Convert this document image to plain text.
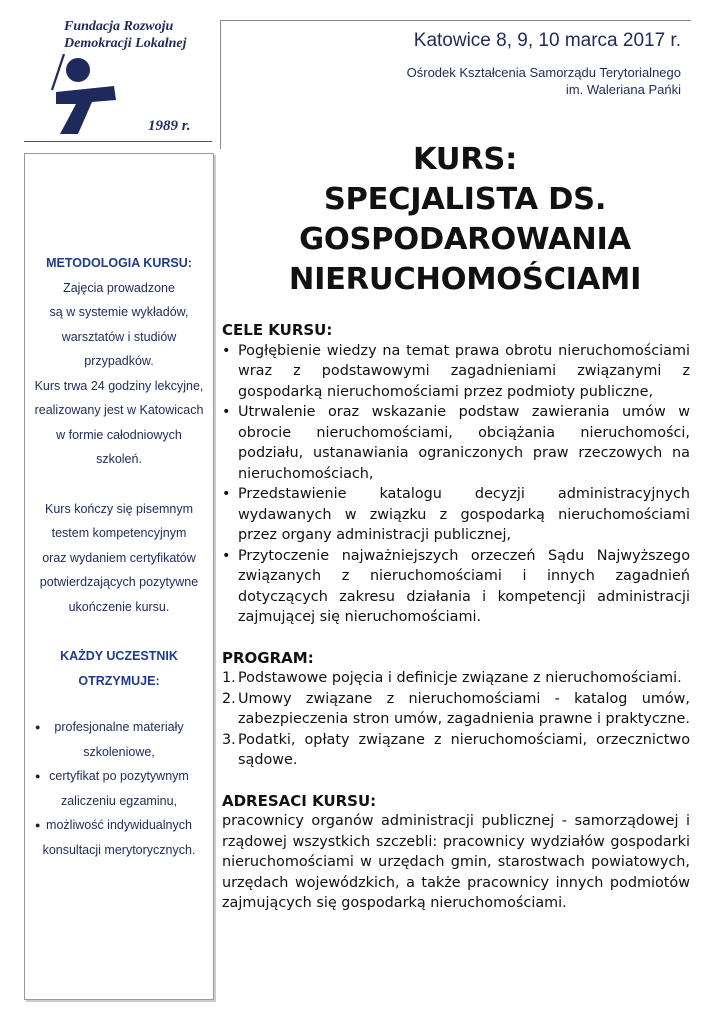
Fundacja Rozwoju
Demokracji Lokalnej
1989 r.
Katowice 8, 9, 10 marca 2017 r.
Ośrodek Kształcenia Samorządu Terytorialnego
im. Waleriana Pańki
METODOLOGIA KURSU:
Zajęcia prowadzone
są w systemie wykładów,
warsztatów i studiów
przypadków.
Kurs trwa 24 godziny lekcyjne,
realizowany jest w Katowicach
w formie całodniowych
szkoleń.
Kurs kończy się pisemnym
testem kompetencyjnym
oraz wydaniem certyfikatów
potwierdzających pozytywne
ukończenie kursu.
KAŻDY UCZESTNIK
OTRZYMUJE:
●	profesjonalne materiały
szkoleniowe,
● certyfikat po pozytywnym
zaliczeniu egzaminu,
● możliwość indywidualnych
konsultacji merytorycznych.
KURS:
SPECJALISTA DS.
GOSPODAROWANIA
NIERUCHOMOŚCIAMI
CELE KURSU:
• Pogłębienie wiedzy na temat prawa obrotu nieruchomościami wraz z podstawowymi zagadnieniami związanymi z gospodarką nieruchomościami przez podmioty publiczne,
• Utrwalenie oraz wskazanie podstaw zawierania umów w obrocie nieruchomościami, obciążania nieruchomości, podziału, ustanawiania ograniczonych praw rzeczowych na nieruchomościach,
• Przedstawienie katalogu decyzji administracyjnych wydawanych w związku z gospodarką nieruchomościami przez organy administracji publicznej,
• Przytoczenie najważniejszych orzeczeń Sądu Najwyższego związanych z nieruchomościami i innych zagadnień dotyczących zakresu działania i kompetencji administracji zajmującej się nieruchomościami.
PROGRAM:
1. Podstawowe pojęcia i definicje związane z nieruchomościami.
2. Umowy związane z nieruchomościami - katalog umów, zabezpieczenia stron umów, zagadnienia prawne i praktyczne.
3. Podatki, opłaty związane z nieruchomościami, orzecznictwo sądowe.
ADRESACI KURSU:

pracownicy organów administracji publicznej - samorządowej i rządowej wszystkich szczebli: pracownicy wydziałów gospodarki nieruchomościami w urzędach gmin, starostwach powiatowych, urzędach wojewódzkich, a także pracownicy innych podmiotów zajmujących się gospodarką nieruchomościami.
